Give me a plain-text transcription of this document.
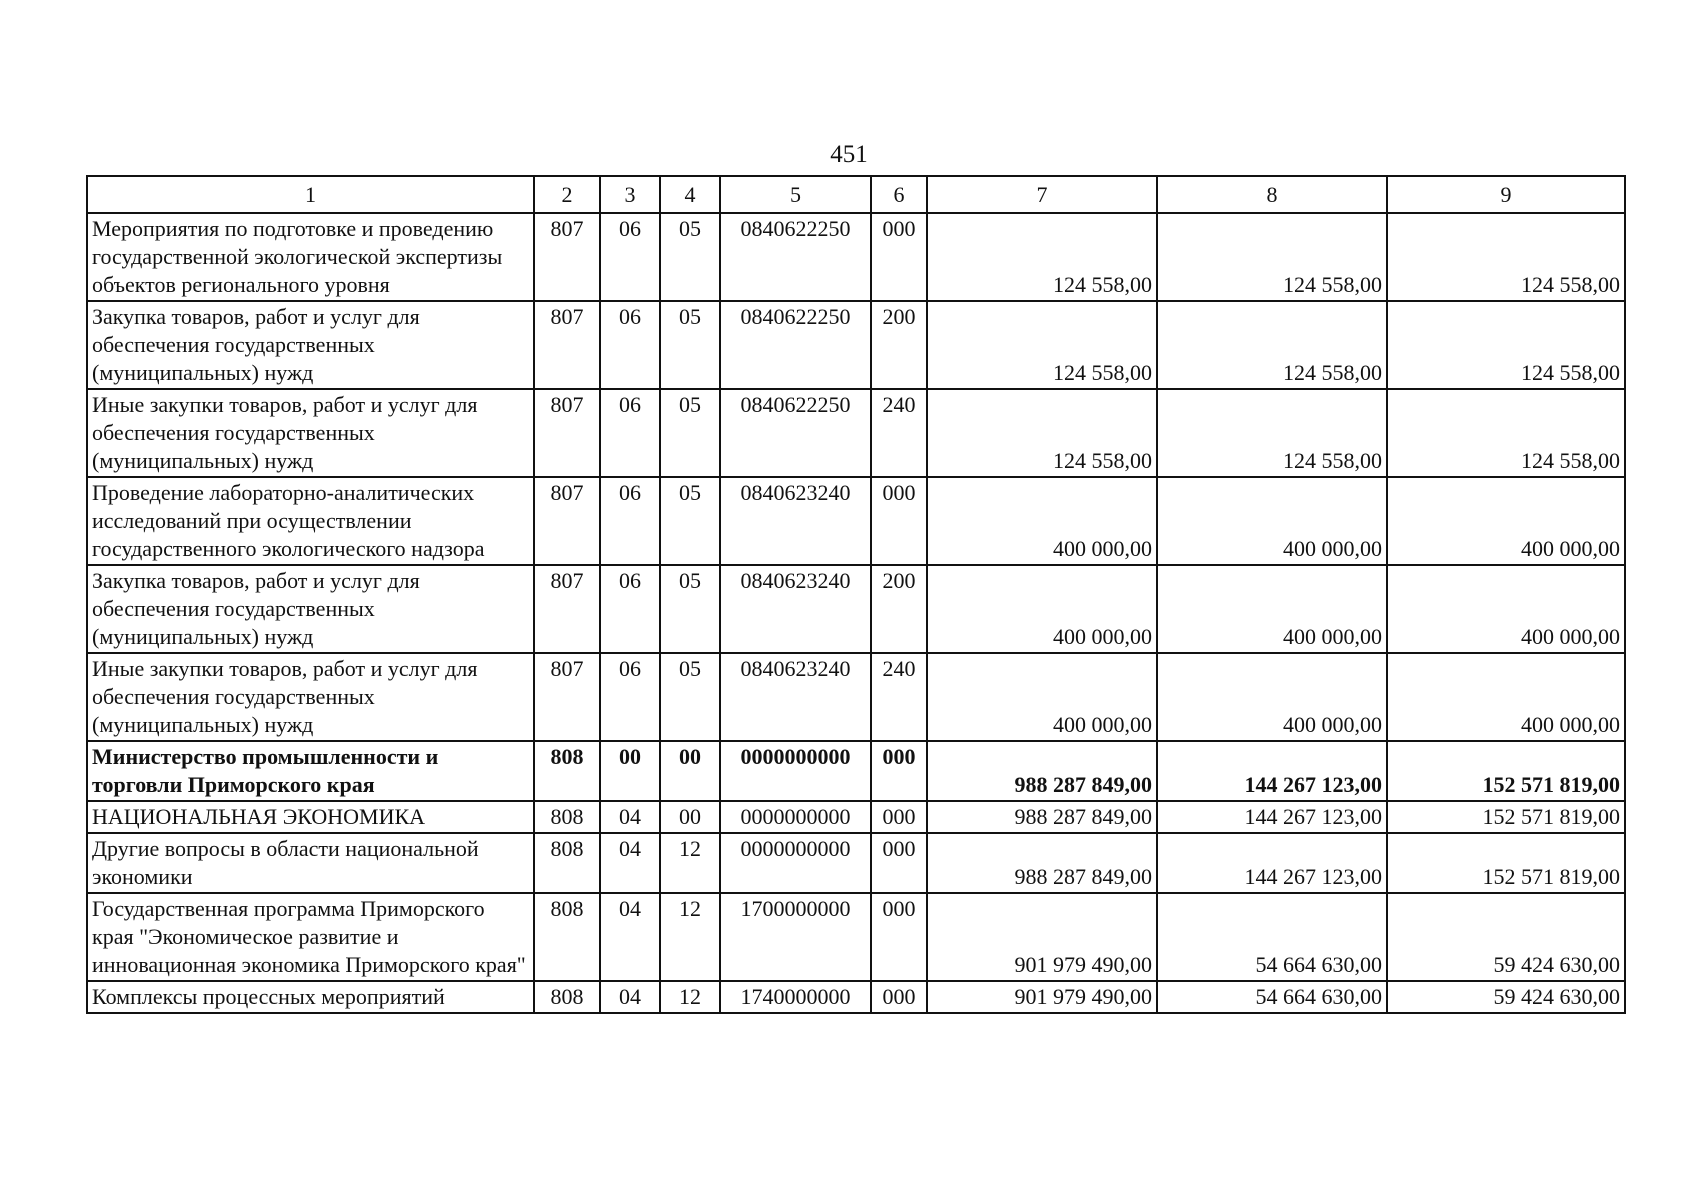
451
1	2	3	4	5	6	7	8	9
Мероприятия по подготовке и проведению государственной экологической экспертизы объектов регионального уровня	807	06	05	0840622250	000	124 558,00	124 558,00	124 558,00
Закупка товаров, работ и услуг для обеспечения государственных (муниципальных) нужд	807	06	05	0840622250	200	124 558,00	124 558,00	124 558,00
Иные закупки товаров, работ и услуг для обеспечения государственных (муниципальных) нужд	807	06	05	0840622250	240	124 558,00	124 558,00	124 558,00
Проведение лабораторно-аналитических исследований при осуществлении государственного экологического надзора	807	06	05	0840623240	000	400 000,00	400 000,00	400 000,00
Закупка товаров, работ и услуг для обеспечения государственных (муниципальных) нужд	807	06	05	0840623240	200	400 000,00	400 000,00	400 000,00
Иные закупки товаров, работ и услуг для обеспечения государственных (муниципальных) нужд	807	06	05	0840623240	240	400 000,00	400 000,00	400 000,00
Министерство промышленности и торговли Приморского края	808	00	00	0000000000	000	988 287 849,00	144 267 123,00	152 571 819,00
НАЦИОНАЛЬНАЯ ЭКОНОМИКА	808	04	00	0000000000	000	988 287 849,00	144 267 123,00	152 571 819,00
Другие вопросы в области национальной экономики	808	04	12	0000000000	000	988 287 849,00	144 267 123,00	152 571 819,00
Государственная программа Приморского края "Экономическое развитие и инновационная экономика Приморского края"	808	04	12	1700000000	000	901 979 490,00	54 664 630,00	59 424 630,00
Комплексы процессных мероприятий	808	04	12	1740000000	000	901 979 490,00	54 664 630,00	59 424 630,00
